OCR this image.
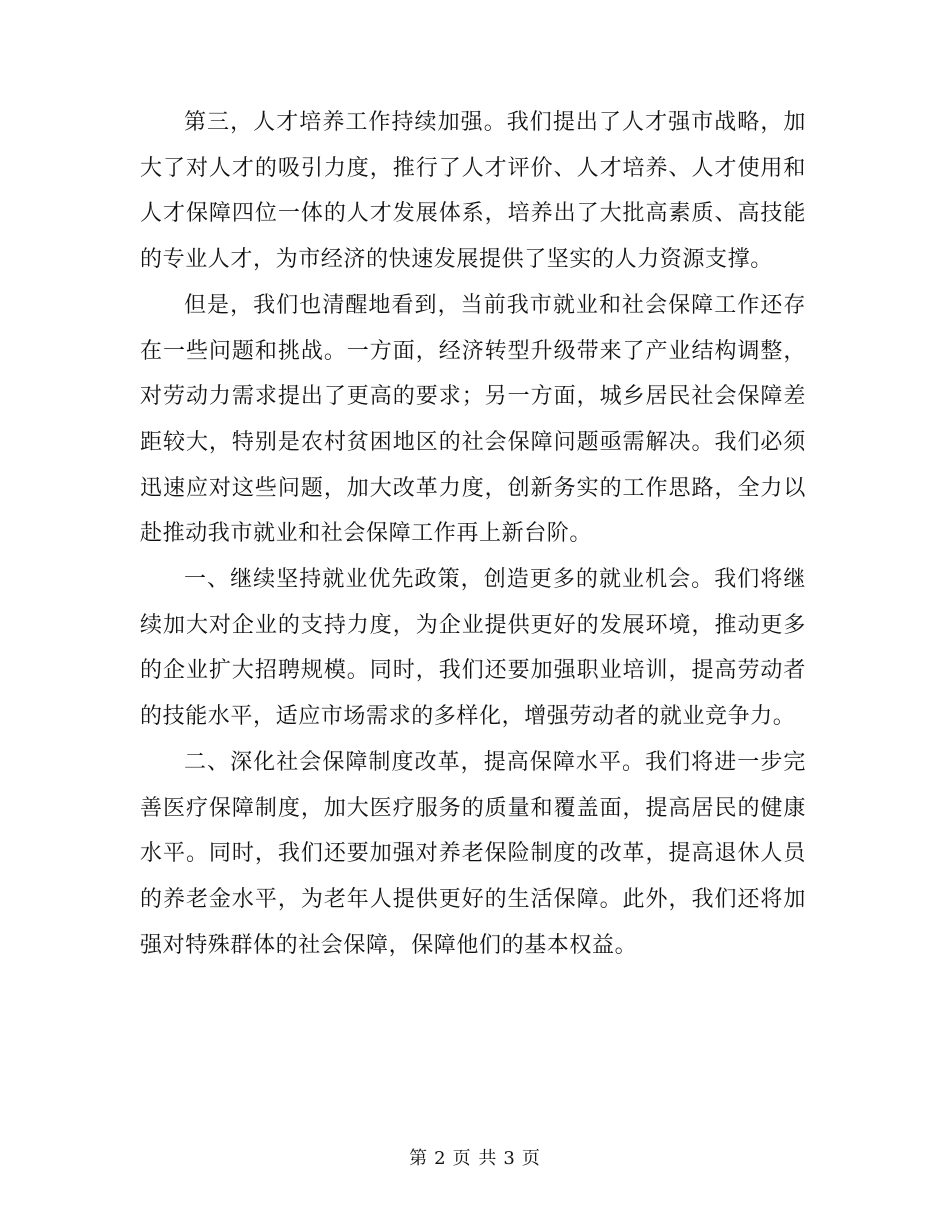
第三，人才培养工作持续加强。我们提出了人才强市战略，加大了对人才的吸引力度，推行了人才评价、人才培养、人才使用和人才保障四位一体的人才发展体系，培养出了大批高素质、高技能的专业人才，为市经济的快速发展提供了坚实的人力资源支撑。

但是，我们也清醒地看到，当前我市就业和社会保障工作还存在一些问题和挑战。一方面，经济转型升级带来了产业结构调整，对劳动力需求提出了更高的要求；另一方面，城乡居民社会保障差距较大，特别是农村贫困地区的社会保障问题亟需解决。我们必须迅速应对这些问题，加大改革力度，创新务实的工作思路，全力以赴推动我市就业和社会保障工作再上新台阶。

一、继续坚持就业优先政策，创造更多的就业机会。我们将继续加大对企业的支持力度，为企业提供更好的发展环境，推动更多的企业扩大招聘规模。同时，我们还要加强职业培训，提高劳动者的技能水平，适应市场需求的多样化，增强劳动者的就业竞争力。

二、深化社会保障制度改革，提高保障水平。我们将进一步完善医疗保障制度，加大医疗服务的质量和覆盖面，提高居民的健康水平。同时，我们还要加强对养老保险制度的改革，提高退休人员的养老金水平，为老年人提供更好的生活保障。此外，我们还将加强对特殊群体的社会保障，保障他们的基本权益。

第 2 页 共 3 页
